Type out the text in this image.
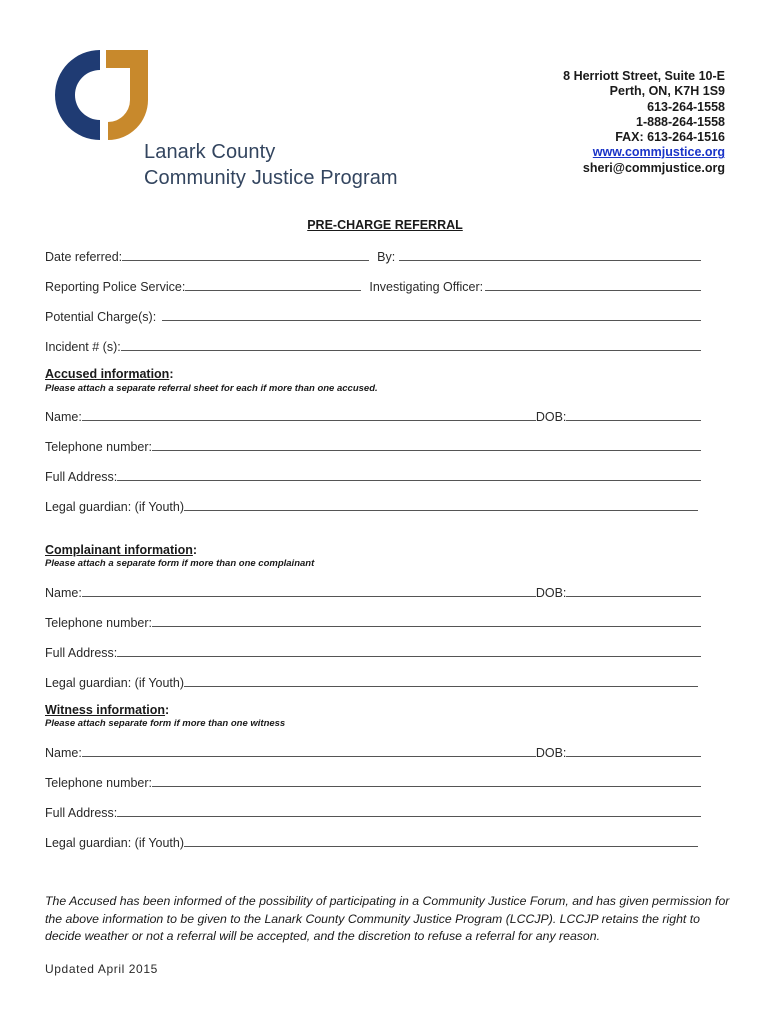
Lanark County
Community Justice Program
8 Herriott Street, Suite 10-E
Perth, ON, K7H 1S9
613-264-1558
1-888-264-1558
FAX: 613-264-1516
www.commjustice.org
sheri@commjustice.org
PRE-CHARGE REFERRAL
Date referred:	By:
Reporting Police Service:	Investigating Officer:
Potential Charge(s):
Incident # (s):
Accused information:
Please attach a separate referral sheet for each if more than one accused.
Name:	DOB:
Telephone number:
Full Address:
Legal guardian: (if Youth)
Complainant information:
Please attach a separate form if more than one complainant
Name:	DOB:
Telephone number:
Full Address:
Legal guardian: (if Youth)
Witness information:
Please attach separate form if more than one witness
Name:	DOB:
Telephone number:
Full Address:
Legal guardian: (if Youth)
The Accused has been informed of the possibility of participating in a Community Justice Forum, and has given permission for the above information to be given to the Lanark County Community Justice Program (LCCJP). LCCJP retains the right to decide weather or not a referral will be accepted, and the discretion to refuse a referral for any reason.
Updated April 2015
